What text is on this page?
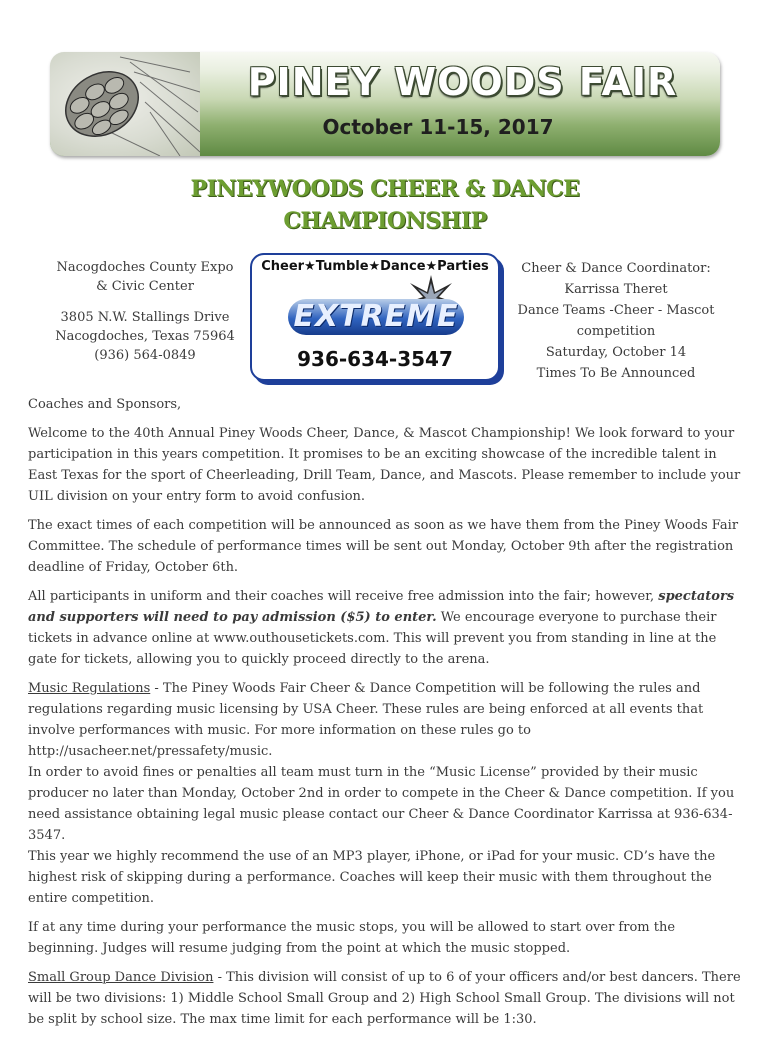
PINEY WOODS FAIR
October 11-15, 2017
PINEYWOODS CHEER & DANCE
CHAMPIONSHIP

Nacogdoches County Expo

& Civic Center

3805 N.W. Stallings Drive

Nacogdoches, Texas 75964

(936) 564-0849

Cheer★Tumble★Dance★Parties
EXTREME
936-634-3547

Cheer & Dance Coordinator:

Karrissa Theret

Dance Teams -Cheer - Mascot

competition

Saturday, October 14

Times To Be Announced

Coaches and Sponsors,

Welcome to the 40th Annual Piney Woods Cheer, Dance, & Mascot Championship! We look forward to your participation in this years competition. It promises to be an exciting showcase of the incredible talent in East Texas for the sport of Cheerleading, Drill Team, Dance, and Mascots. Please remember to include your UIL division on your entry form to avoid confusion.

The exact times of each competition will be announced as soon as we have them from the Piney Woods Fair Committee. The schedule of performance times will be sent out Monday, October 9th after the registration deadline of Friday, October 6th.

All participants in uniform and their coaches will receive free admission into the fair; however, spectators and supporters will need to pay admission ($5) to enter. We encourage everyone to purchase their tickets in advance online at www.outhousetickets.com. This will prevent you from standing in line at the gate for tickets, allowing you to quickly proceed directly to the arena.

Music Regulations - The Piney Woods Fair Cheer & Dance Competition will be following the rules and regulations regarding music licensing by USA Cheer. These rules are being enforced at all events that involve performances with music. For more information on these rules go to http://usacheer.net/pressafety/music.

In order to avoid fines or penalties all team must turn in the “Music License” provided by their music producer no later than Monday, October 2nd in order to compete in the Cheer & Dance competition. If you need assistance obtaining legal music please contact our Cheer & Dance Coordinator Karrissa at 936-634-3547.

This year we highly recommend the use of an MP3 player, iPhone, or iPad for your music. CD’s have the highest risk of skipping during a performance. Coaches will keep their music with them throughout the entire competition.

If at any time during your performance the music stops, you will be allowed to start over from the beginning. Judges will resume judging from the point at which the music stopped.

Small Group Dance Division - This division will consist of up to 6 of your officers and/or best dancers. There will be two divisions: 1) Middle School Small Group and 2) High School Small Group. The divisions will not be split by school size. The max time limit for each performance will be 1:30.
